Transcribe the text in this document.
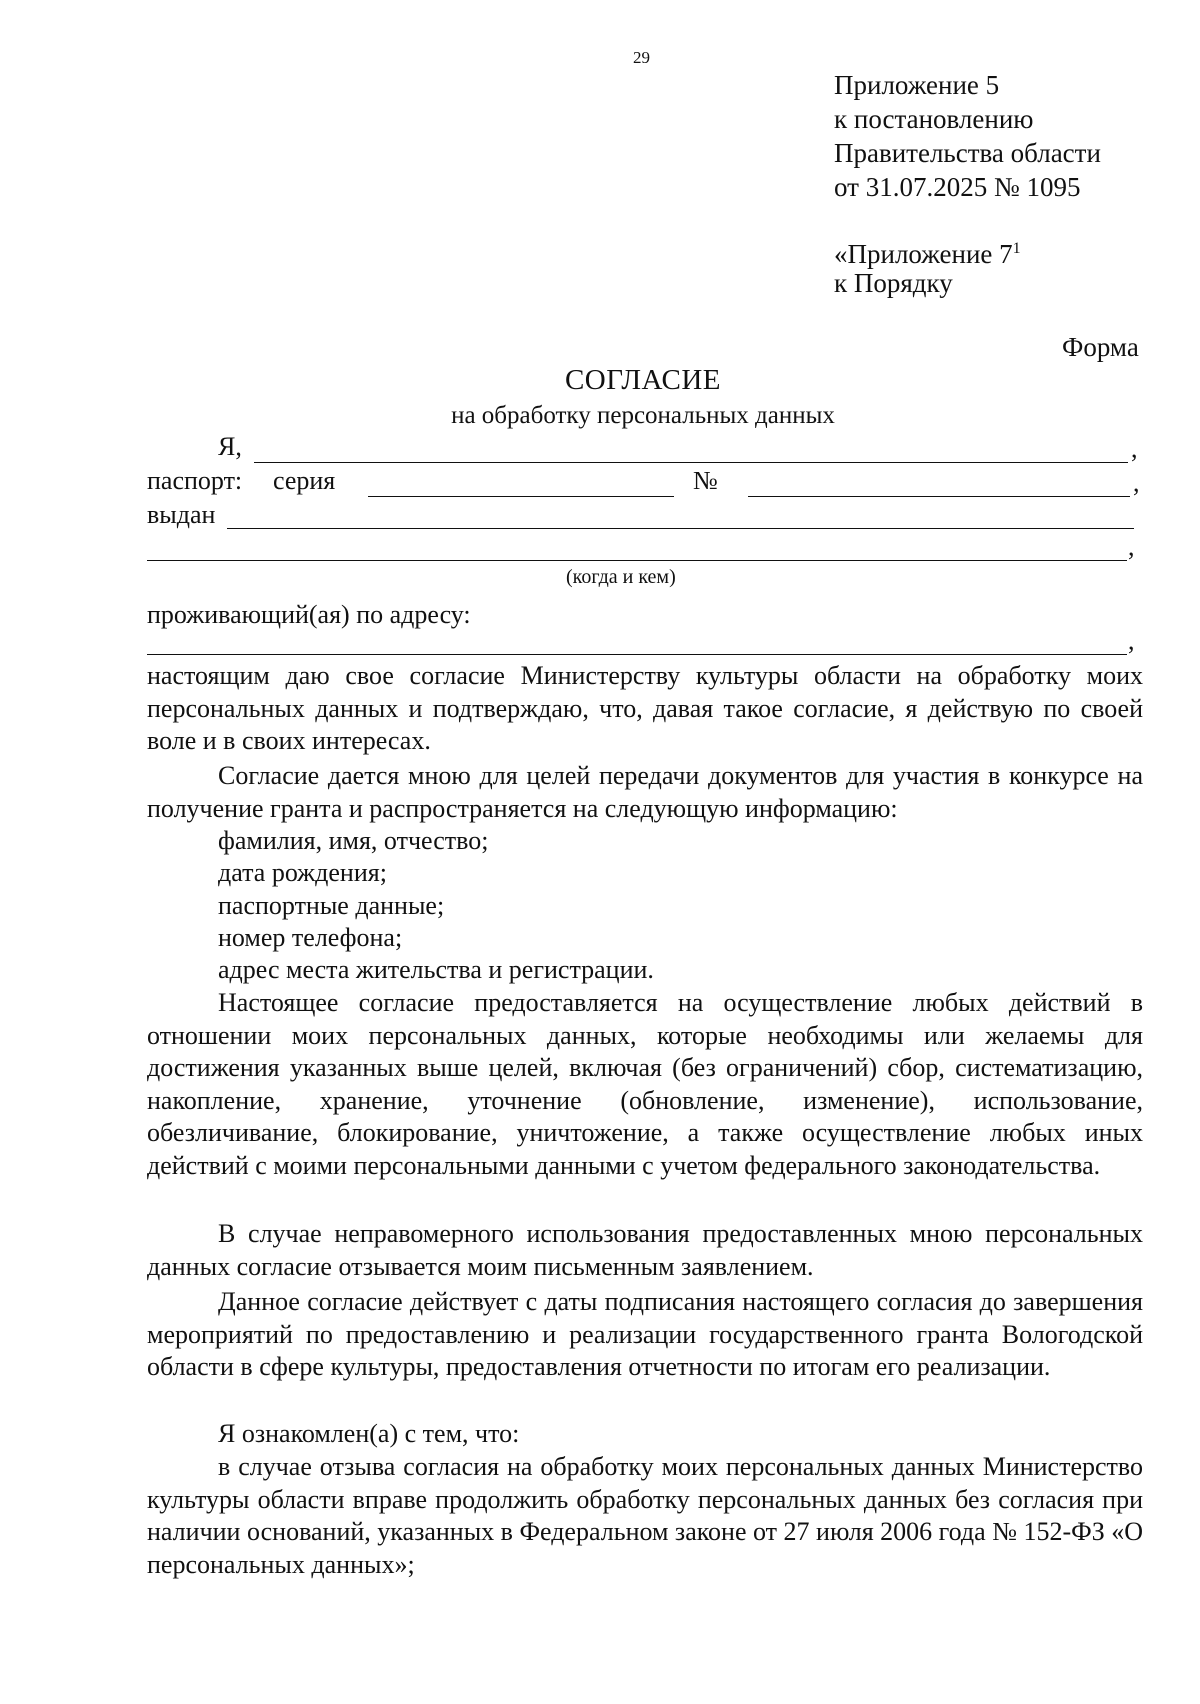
29
Приложение 5
к постановлению
Правительства области
от 31.07.2025 № 1095
«Приложение $7^1$
к Порядку
Форма
СОГЛАСИЕ
на обработку персональных данных
Я,	,
паспорт: серия	№	,
выдан
,
(когда и кем)
проживающий(ая) по адресу:
,

настоящим даю свое согласие Министерству культуры области на обработку моих персональных данных и подтверждаю, что, давая такое согласие, я действую по своей воле и в своих интересах.

Согласие дается мною для целей передачи документов для участия в конкурсе на получение гранта и распространяется на следующую информацию:

фамилия, имя, отчество;
дата рождения;
паспортные данные;
номер телефона;
адрес места жительства и регистрации.

Настоящее согласие предоставляется на осуществление любых действий в отношении моих персональных данных, которые необходимы или желаемы для достижения указанных выше целей, включая (без ограничений) сбор, систематизацию, накопление, хранение, уточнение (обновление, изменение), использование, обезличивание, блокирование, уничтожение, а также осуществление любых иных действий с моими персональными данными с учетом федерального законодательства.

В случае неправомерного использования предоставленных мною персональных данных согласие отзывается моим письменным заявлением.

Данное согласие действует с даты подписания настоящего согласия до завершения мероприятий по предоставлению и реализации государственного гранта Вологодской области в сфере культуры, предоставления отчетности по итогам его реализации.

Я ознакомлен(а) с тем, что:

в случае отзыва согласия на обработку моих персональных данных Министерство культуры области вправе продолжить обработку персональных данных без согласия при наличии оснований, указанных в Федеральном законе от 27 июля 2006 года № 152-ФЗ «О персональных данных»;
